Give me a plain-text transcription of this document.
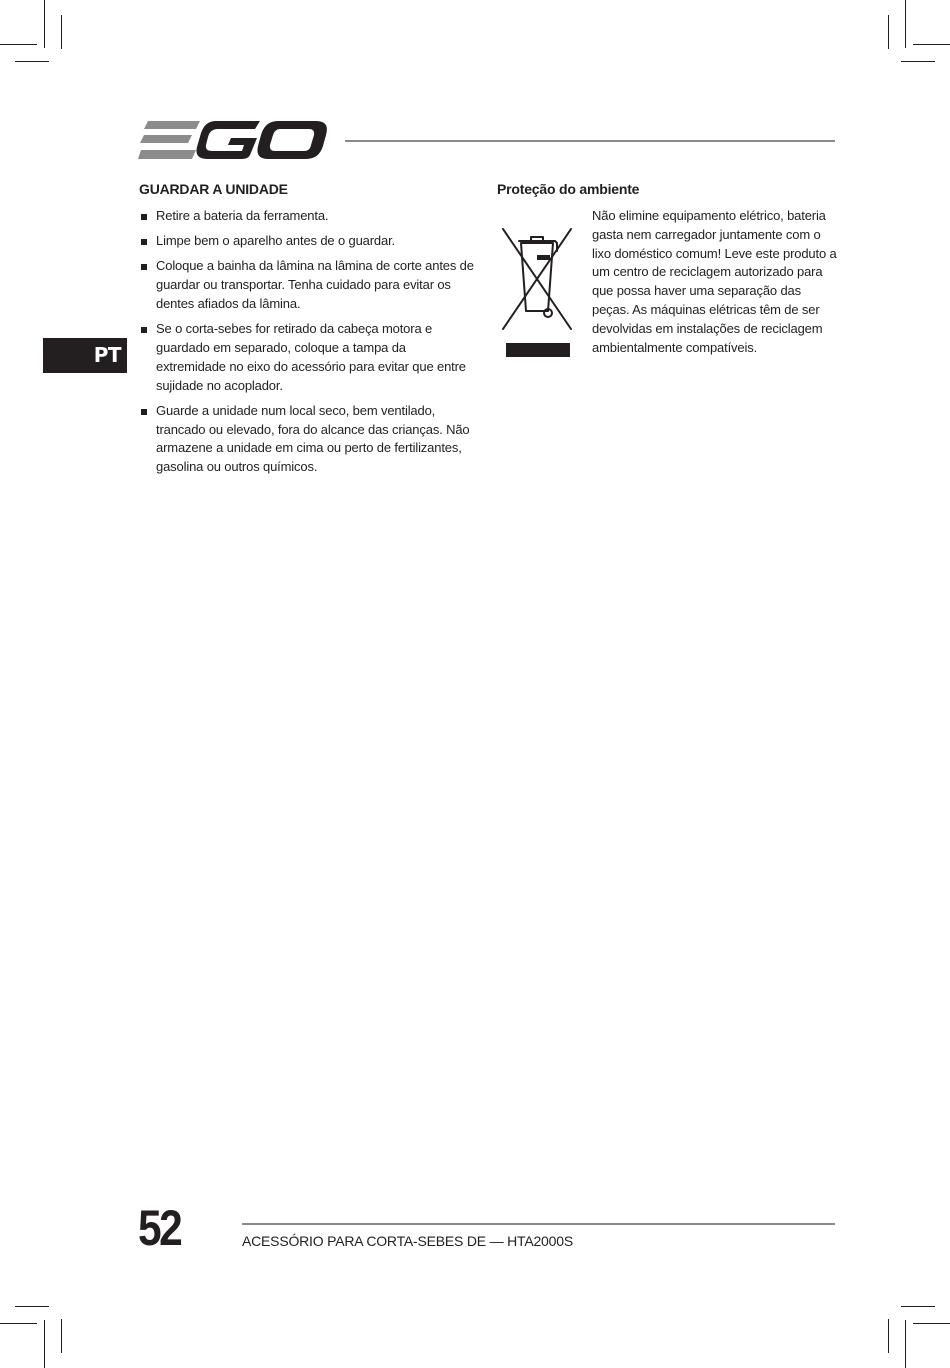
PT
GUARDAR A UNIDADE
Retire a bateria da ferramenta.
Limpe bem o aparelho antes de o guardar.
Coloque a bainha da lâmina na lâmina de corte antes de guardar ou transportar. Tenha cuidado para evitar os dentes afiados da lâmina.
Se o corta-sebes for retirado da cabeça motora e guardado em separado, coloque a tampa da extremidade no eixo do acessório para evitar que entre sujidade no acoplador.
Guarde a unidade num local seco, bem ventilado, trancado ou elevado, fora do alcance das crianças. Não armazene a unidade em cima ou perto de fertilizantes, gasolina ou outros químicos.
Proteção do ambiente
Não elimine equipamento elétrico, bateria gasta nem carregador juntamente com o lixo doméstico comum! Leve este produto a um centro de reciclagem autorizado para que possa haver uma separação das peças. As máquinas elétricas têm de ser devolvidas em instalações de reciclagem ambientalmente compatíveis.
52	ACESSÓRIO PARA CORTA-SEBES DE — HTA2000S
